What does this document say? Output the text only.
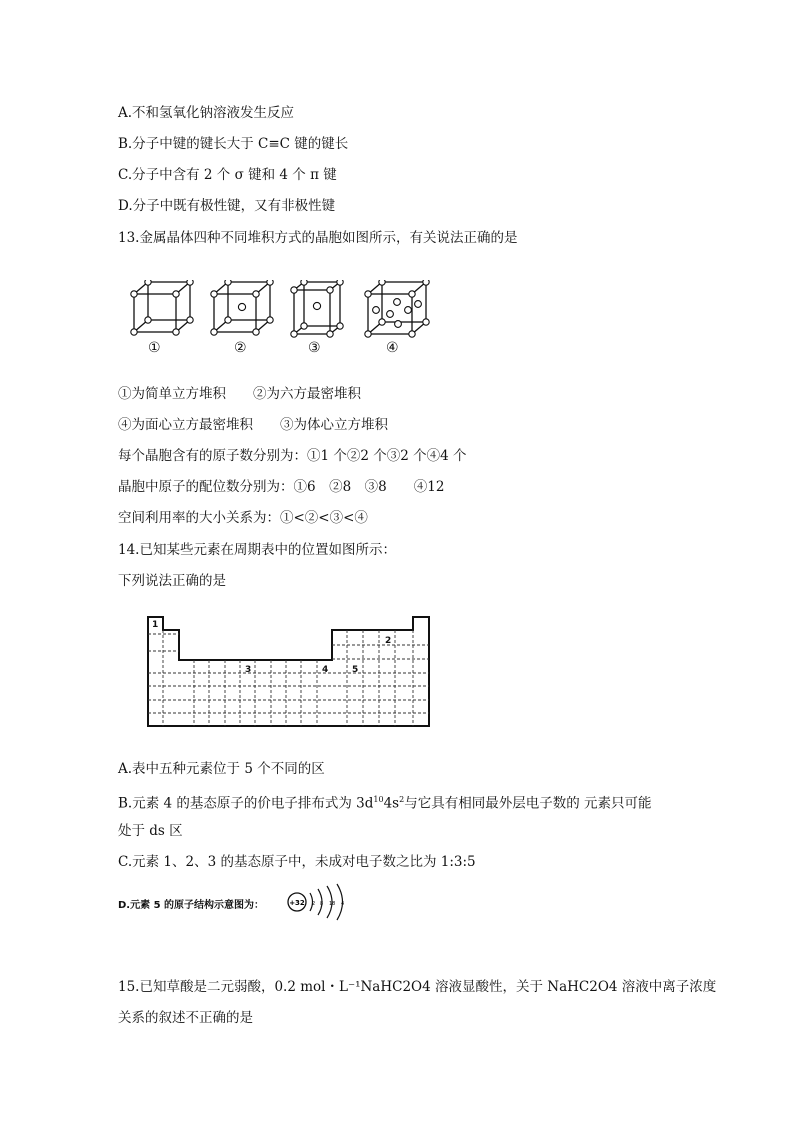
A.不和氢氧化钠溶液发生反应
B.分子中键的键长大于 C≡C 键的键长
C.分子中含有 2 个 σ 键和 4 个 π 键
D.分子中既有极性键，又有非极性键
13.金属晶体四种不同堆积方式的晶胞如图所示，有关说法正确的是
①	②	③	④
①为简单立方堆积　　②为六方最密堆积
④为面心立方最密堆积　　③为体心立方堆积
每个晶胞含有的原子数分别为：①1 个②2 个③2 个④4 个
晶胞中原子的配位数分别为：①6　②8　③8　　④12
空间利用率的大小关系为：①<②<③<④
14.已知某些元素在周期表中的位置如图所示：
下列说法正确的是
1
2
3	4	5
A.表中五种元素位于 5 个不同的区
B.元素 4 的基态原子的价电子排布式为 $3d^{10}4s^2$与它具有相同最外层电子数的 元素只可能
处于 ds 区
C.元素 1、2、3 的基态原子中，未成对电子数之比为 1:3:5
D.元素 5 的原子结构示意图为：	+32 2 8 18 4
15.已知草酸是二元弱酸，0.2 mol・L⁻¹NaHC2O4 溶液显酸性，关于 NaHC2O4 溶液中离子浓度
关系的叙述不正确的是
